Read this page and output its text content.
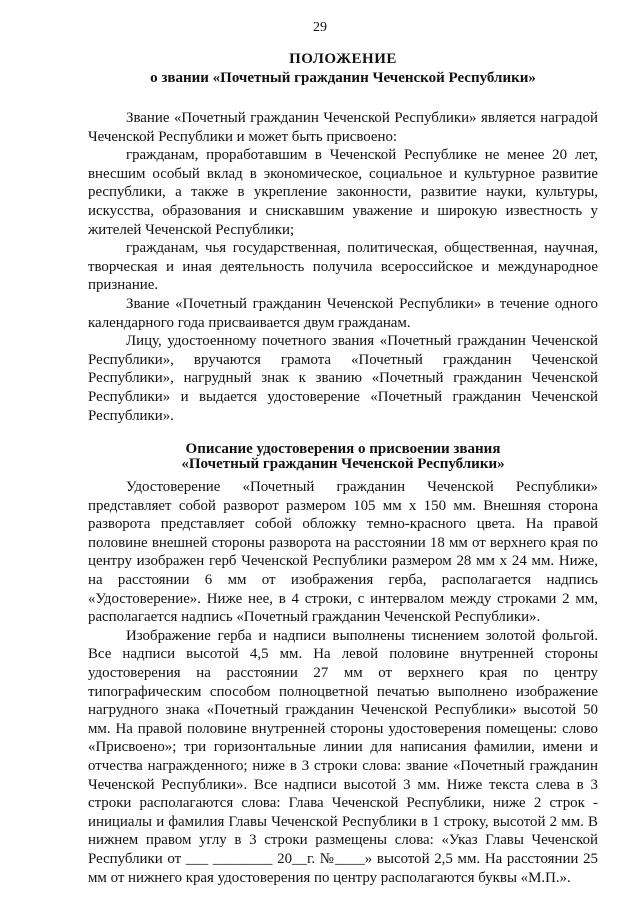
29

ПОЛОЖЕНИЕ

о звании «Почетный гражданин Чеченской Республики»

Звание «Почетный гражданин Чеченской Республики» является наградой Чеченской Республики и может быть присвоено:

гражданам, проработавшим в Чеченской Республике не менее 20 лет, внесшим особый вклад в экономическое, социальное и культурное развитие республики, а также в укрепление законности, развитие науки, культуры, искусства, образования и снискавшим уважение и широкую известность у жителей Чеченской Республики;

гражданам, чья государственная, политическая, общественная, научная, творческая и иная деятельность получила всероссийское и международное признание.

Звание «Почетный гражданин Чеченской Республики» в течение одного календарного года присваивается двум гражданам.

Лицу, удостоенному почетного звания «Почетный гражданин Чеченской Республики», вручаются грамота «Почетный гражданин Чеченской Республики», нагрудный знак к званию «Почетный гражданин Чеченской Республики» и выдается удостоверение «Почетный гражданин Чеченской Республики».

Описание удостоверения о присвоении звания

«Почетный гражданин Чеченской Республики»

Удостоверение «Почетный гражданин Чеченской Республики» представляет собой разворот размером 105 мм х 150 мм. Внешняя сторона разворота представляет собой обложку темно-красного цвета. На правой половине внешней стороны разворота на расстоянии 18 мм от верхнего края по центру изображен герб Чеченской Республики размером 28 мм х 24 мм. Ниже, на расстоянии 6 мм от изображения герба, располагается надпись «Удостоверение». Ниже нее, в 4 строки, с интервалом между строками 2 мм, располагается надпись «Почетный гражданин Чеченской Республики».

Изображение герба и надписи выполнены тиснением золотой фольгой. Все надписи высотой 4,5 мм. На левой половине внутренней стороны удостоверения на расстоянии 27 мм от верхнего края по центру типографическим способом полноцветной печатью выполнено изображение нагрудного знака «Почетный гражданин Чеченской Республики» высотой 50 мм. На правой половине внутренней стороны удостоверения помещены: слово «Присвоено»; три горизонтальные линии для написания фамилии, имени и отчества награжденного; ниже в 3 строки слова: звание «Почетный гражданин Чеченской Республики». Все надписи высотой 3 мм. Ниже текста слева в 3 строки располагаются слова: Глава Чеченской Республики, ниже 2 строк - инициалы и фамилия Главы Чеченской Республики в 1 строку, высотой 2 мм. В нижнем правом углу в 3 строки размещены слова: «Указ Главы Чеченской Республики от ___ ________ 20__г. №____» высотой 2,5 мм. На расстоянии 25 мм от нижнего края удостоверения по центру располагаются буквы «М.П.».
